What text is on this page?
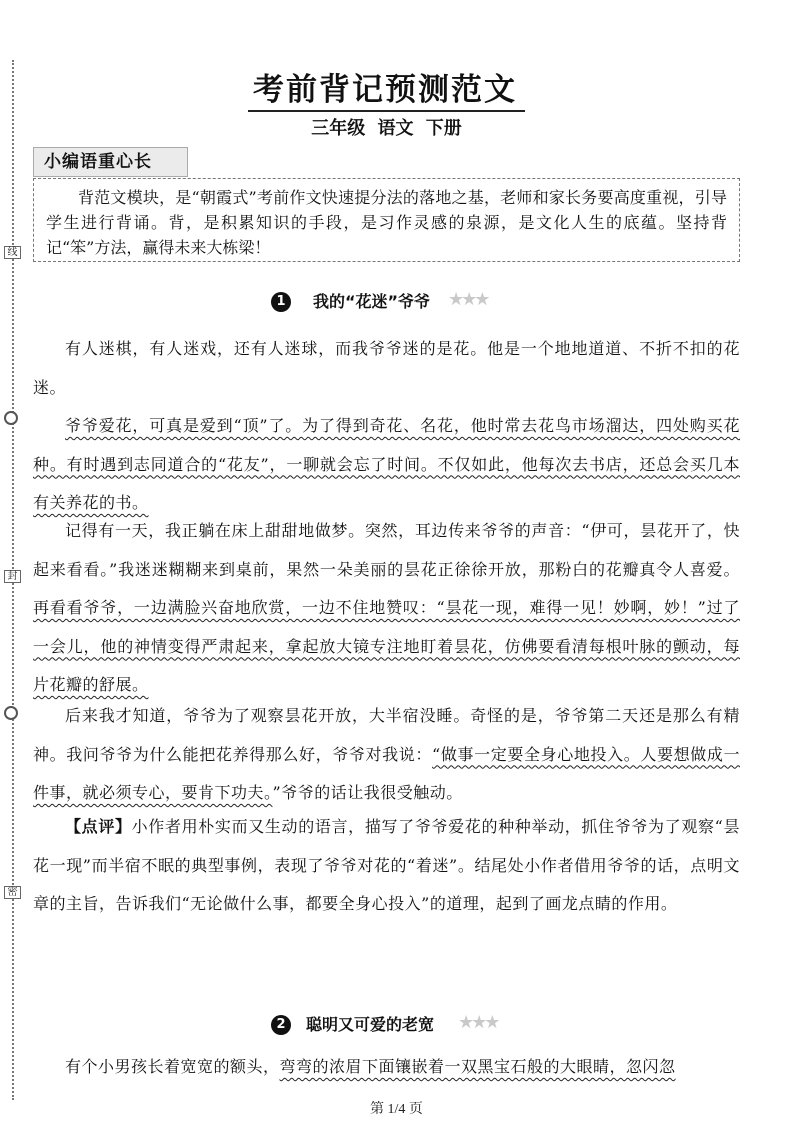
线
封
密
考前背记预测范文
三年级 语文 下册
小编语重心长
背范文模块，是“朝霞式”考前作文快速提分法的落地之基，老师和家长务要高度重视，引导学生进行背诵。背，是积累知识的手段，是习作灵感的泉源，是文化人生的底蕴。坚持背记“笨”方法，赢得未来大栋梁！
1	我的“花迷”爷爷 ★★★
有人迷棋，有人迷戏，还有人迷球，而我爷爷迷的是花。他是一个地地道道、不折不扣的花迷。
爷爷爱花，可真是爱到“顶”了。为了得到奇花、名花，他时常去花鸟市场溜达，四处购买花种。有时遇到志同道合的“花友”，一聊就会忘了时间。不仅如此，他每次去书店，还总会买几本有关养花的书。
记得有一天，我正躺在床上甜甜地做梦。突然，耳边传来爷爷的声音：“伊可，昙花开了，快起来看看。”我迷迷糊糊来到桌前，果然一朵美丽的昙花正徐徐开放，那粉白的花瓣真令人喜爱。再看看爷爷，一边满脸兴奋地欣赏，一边不住地赞叹：“昙花一现，难得一见！妙啊，妙！”过了一会儿，他的神情变得严肃起来，拿起放大镜专注地盯着昙花，仿佛要看清每根叶脉的颤动，每片花瓣的舒展。
后来我才知道，爷爷为了观察昙花开放，大半宿没睡。奇怪的是，爷爷第二天还是那么有精神。我问爷爷为什么能把花养得那么好，爷爷对我说：“做事一定要全身心地投入。人要想做成一件事，就必须专心，要肯下功夫。”爷爷的话让我很受触动。
【点评】小作者用朴实而又生动的语言，描写了爷爷爱花的种种举动，抓住爷爷为了观察“昙花一现”而半宿不眠的典型事例，表现了爷爷对花的“着迷”。结尾处小作者借用爷爷的话，点明文章的主旨，告诉我们“无论做什么事，都要全身心投入”的道理，起到了画龙点睛的作用。
2	聪明又可爱的老宽 ★★★
有个小男孩长着宽宽的额头，弯弯的浓眉下面镶嵌着一双黑宝石般的大眼睛，忽闪忽
第 1/4 页
